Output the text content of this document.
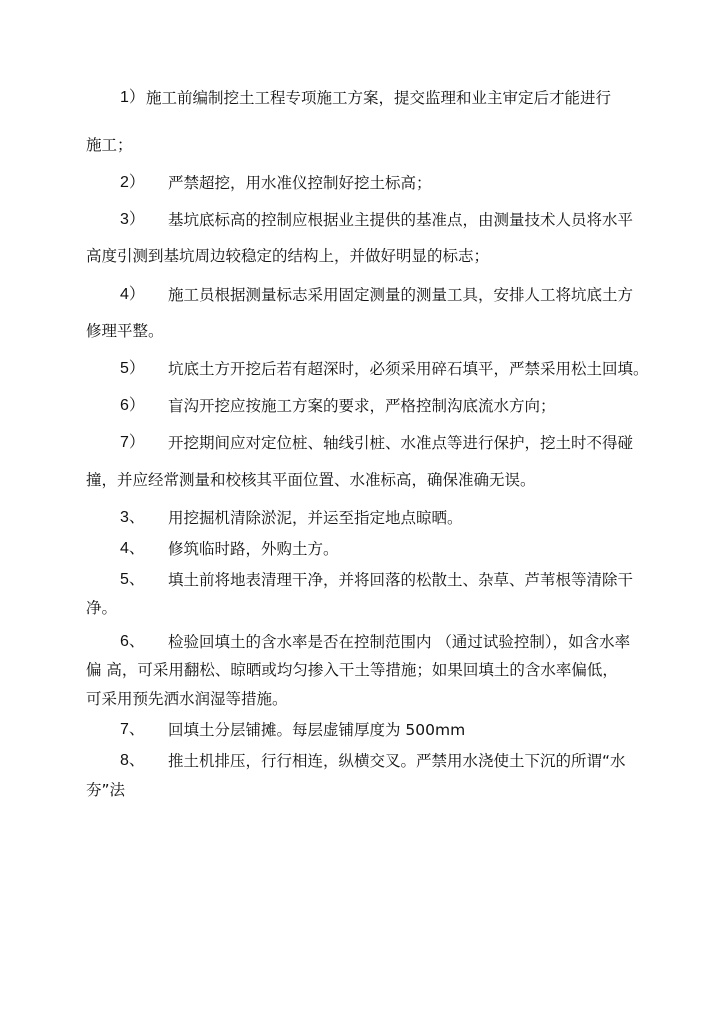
1） 施工前编制挖土工程专项施工方案，提交监理和业主审定后才能进行
施工；
2） 严禁超挖，用水准仪控制好挖土标高；
3） 基坑底标高的控制应根据业主提供的基准点，由测量技术人员将水平
高度引测到基坑周边较稳定的结构上，并做好明显的标志；
4） 施工员根据测量标志采用固定测量的测量工具，安排人工将坑底土方
修理平整。
5） 坑底土方开挖后若有超深时，必须采用碎石填平，严禁采用松土回填。
6） 盲沟开挖应按施工方案的要求，严格控制沟底流水方向；
7） 开挖期间应对定位桩、轴线引桩、水准点等进行保护，挖土时不得碰
撞，并应经常测量和校核其平面位置、水准标高，确保准确无误。
3、 用挖掘机清除淤泥，并运至指定地点晾晒。
4、 修筑临时路，外购土方。
5、 填土前将地表清理干净，并将回落的松散土、杂草、芦苇根等清除干
净。
6、 检验回填土的含水率是否在控制范围内 （通过试验控制），如含水率
偏 高，可采用翻松、晾晒或均匀掺入干土等措施；如果回填土的含水率偏低，
可采用预先洒水润湿等措施。
7、 回填土分层铺摊。每层虚铺厚度为 500mm
8、 推土机排压，行行相连，纵横交叉。严禁用水浇使土下沉的所谓“水
夯”法
